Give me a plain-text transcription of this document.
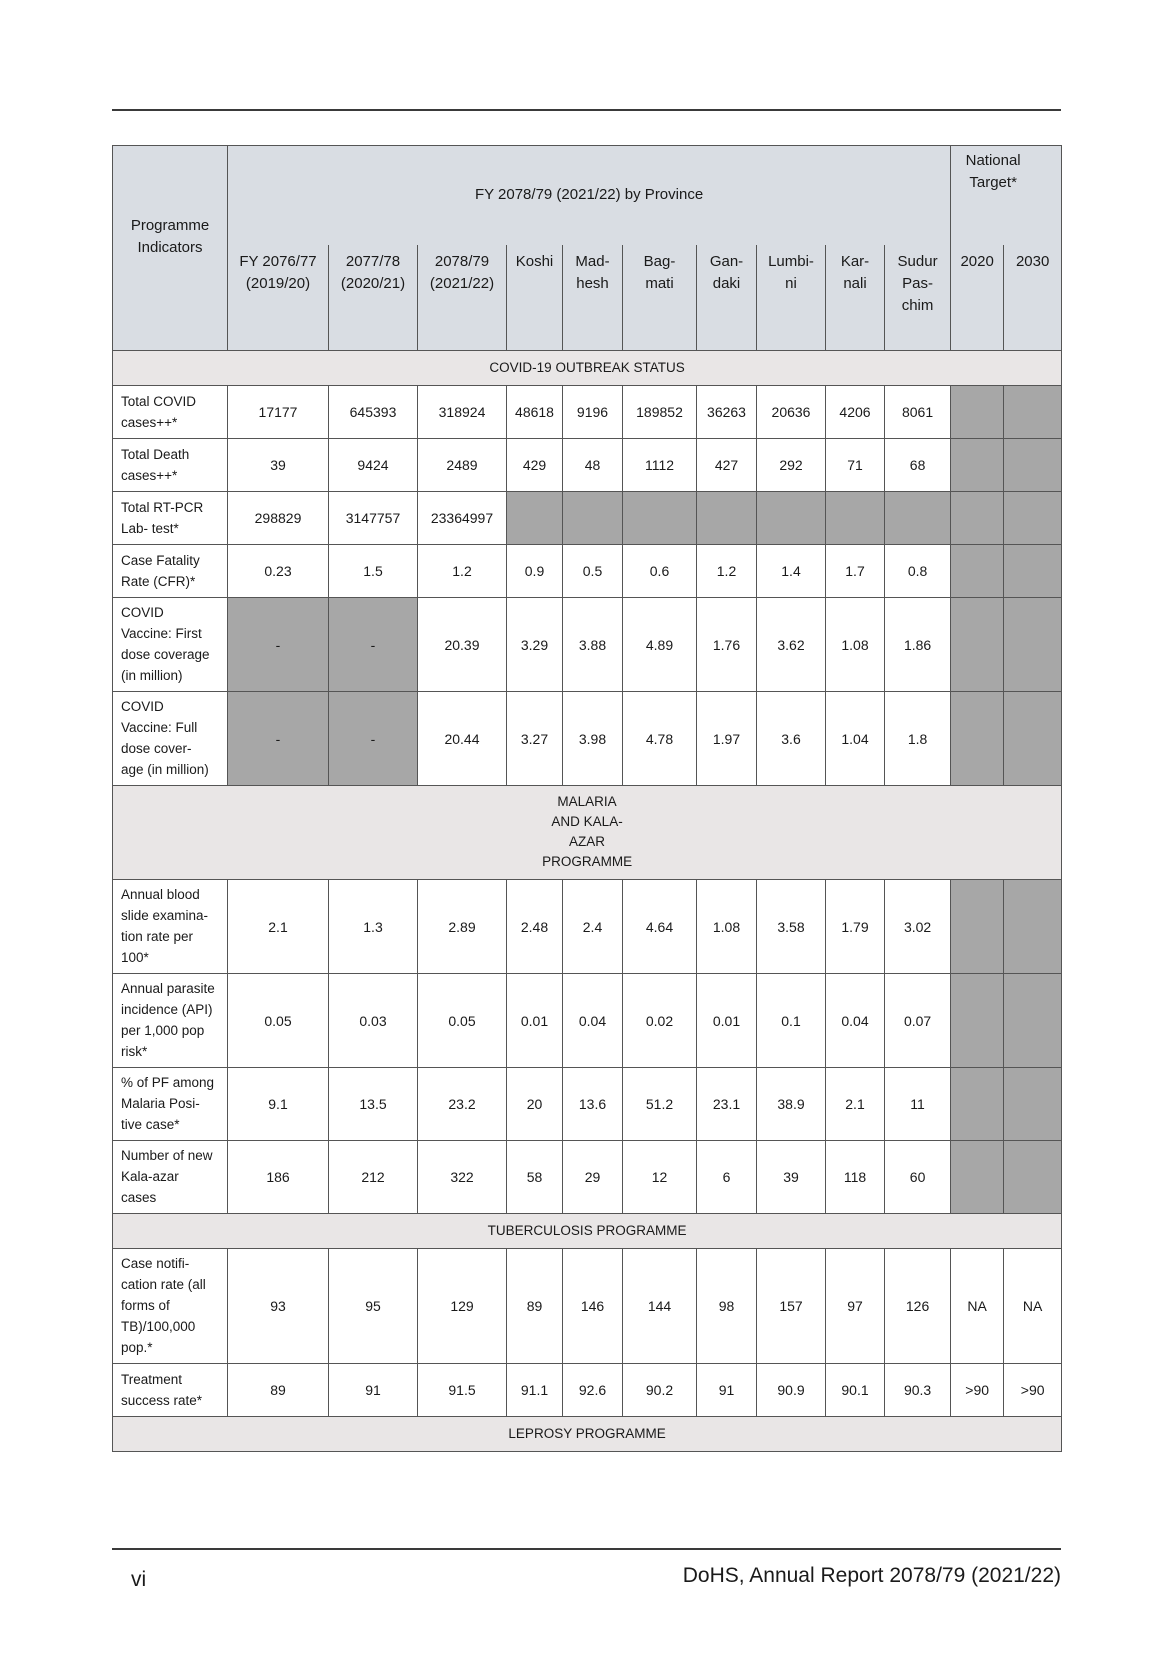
Programme Indicators	FY 2078/79 (2021/22) by Province										National Target*	
	FY 2076/77 (2019/20)	2077/78 (2020/21)	2078/79 (2021/22)	Koshi	Mad- hesh	Bag- mati	Gan- daki	Lumbi- ni	Kar- nali	Sudur Pas- chim	2020	2030
COVID-19 OUTBREAK STATUS												
Total COVID cases++*	17177	645393	318924	48618	9196	189852	36263	20636	4206	8061		
Total Death cases++*	39	9424	2489	429	48	1112	427	292	71	68		
Total RT-PCR Lab- test*	298829	3147757	23364997									
Case Fatality Rate (CFR)*	0.23	1.5	1.2	0.9	0.5	0.6	1.2	1.4	1.7	0.8		
COVID Vaccine: First dose coverage (in million)	-	-	20.39	3.29	3.88	4.89	1.76	3.62	1.08	1.86		
COVID Vaccine: Full dose cover- age (in million)	-	-	20.44	3.27	3.98	4.78	1.97	3.6	1.04	1.8		
MALARIA AND KALA-AZAR PROGRAMME												
Annual blood slide examina- tion rate per 100*	2.1	1.3	2.89	2.48	2.4	4.64	1.08	3.58	1.79	3.02		
Annual parasite incidence (API) per 1,000 pop risk*	0.05	0.03	0.05	0.01	0.04	0.02	0.01	0.1	0.04	0.07		
% of PF among Malaria Posi- tive case*	9.1	13.5	23.2	20	13.6	51.2	23.1	38.9	2.1	11		
Number of new Kala-azar cases	186	212	322	58	29	12	6	39	118	60		
TUBERCULOSIS PROGRAMME												
Case notifi- cation rate (all forms of TB)/100,000 pop.*	93	95	129	89	146	144	98	157	97	126	NA	NA
Treatment success rate*	89	91	91.5	91.1	92.6	90.2	91	90.9	90.1	90.3	>90	>90
LEPROSY PROGRAMME												
vi	DoHS, Annual Report 2078/79 (2021/22)
